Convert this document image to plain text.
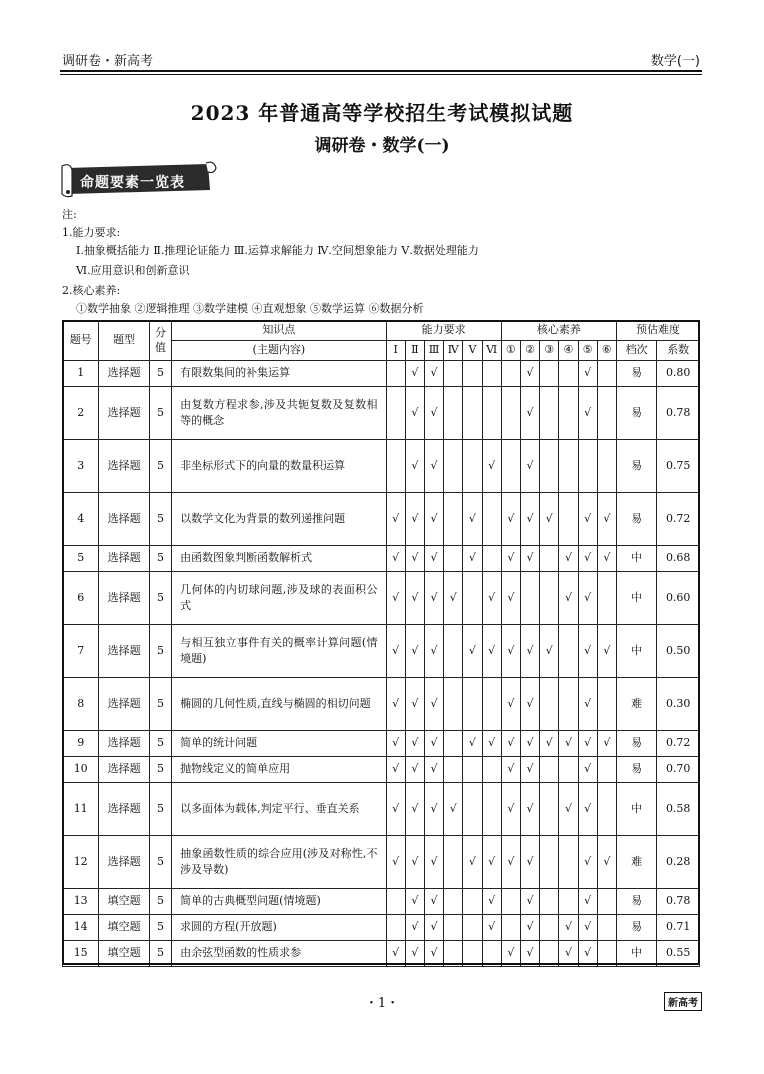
调研卷・新高考	数学(一)
2023 年普通高等学校招生考试模拟试题
调研卷・数学(一)
命题要素一览表
注:
1.能力要求:
Ⅰ.抽象概括能力 Ⅱ.推理论证能力 Ⅲ.运算求解能力 Ⅳ.空间想象能力 Ⅴ.数据处理能力
Ⅵ.应用意识和创新意识
2.核心素养:
①数学抽象 ②逻辑推理 ③数学建模 ④直观想象 ⑤数学运算 ⑥数据分析
题号	题型	分值	知识点	能力要求						核心素养						预估难度	
			(主题内容)	Ⅰ	Ⅱ	Ⅲ	Ⅳ	Ⅴ	Ⅵ	①	②	③	④	⑤	⑥	档次	系数
1	选择题	5	有限数集间的补集运算		√	√					√			√		易	0.80
2	选择题	5	由复数方程求参,涉及共轭复数及复数相等的概念		√	√					√			√		易	0.78
3	选择题	5	非坐标形式下的向量的数量积运算		√	√			√		√					易	0.75
4	选择题	5	以数学文化为背景的数列递推问题	√	√	√		√		√	√	√		√	√	易	0.72
5	选择题	5	由函数图象判断函数解析式	√	√	√		√		√	√		√	√	√	中	0.68
6	选择题	5	几何体的内切球问题,涉及球的表面积公式	√	√	√	√		√	√			√	√		中	0.60
7	选择题	5	与相互独立事件有关的概率计算问题(情境题)	√	√	√		√	√	√	√	√		√	√	中	0.50
8	选择题	5	椭圆的几何性质,直线与椭圆的相切问题	√	√	√				√	√			√		难	0.30
9	选择题	5	简单的统计问题	√	√	√		√	√	√	√	√	√	√	√	易	0.72
10	选择题	5	抛物线定义的简单应用	√	√	√				√	√			√		易	0.70
11	选择题	5	以多面体为载体,判定平行、垂直关系	√	√	√	√			√	√		√	√		中	0.58
12	选择题	5	抽象函数性质的综合应用(涉及对称性,不涉及导数)	√	√	√		√	√	√	√			√	√	难	0.28
13	填空题	5	简单的古典概型问题(情境题)		√	√			√		√			√		易	0.78
14	填空题	5	求圆的方程(开放题)		√	√			√		√		√	√		易	0.71
15	填空题	5	由余弦型函数的性质求参	√	√	√				√	√		√	√		中	0.55
・1・	新高考
